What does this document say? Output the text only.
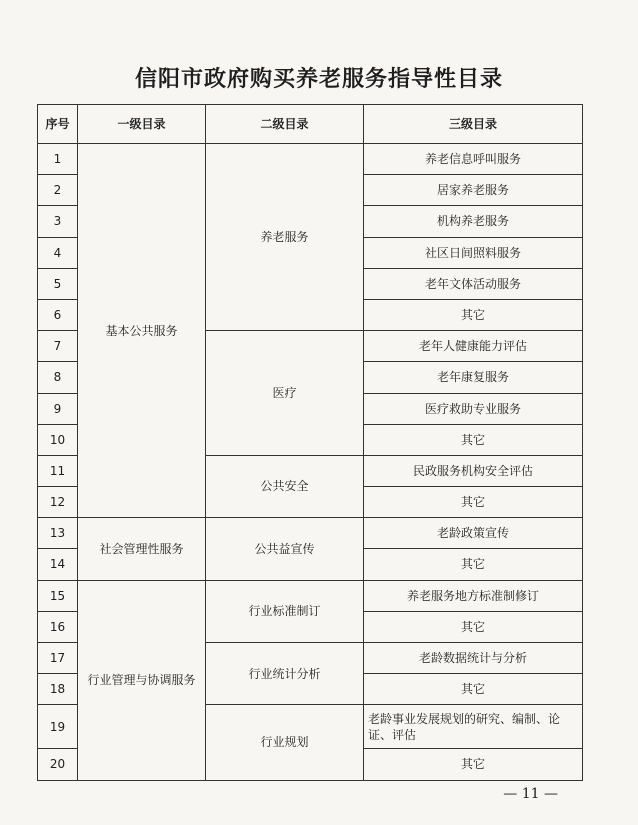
信阳市政府购买养老服务指导性目录
序号	一级目录	二级目录	三级目录
1	基本公共服务	养老服务	养老信息呼叫服务
2			居家养老服务
3			机构养老服务
4			社区日间照料服务
5			老年文体活动服务
6			其它
7		医疗	老年人健康能力评估
8			老年康复服务
9			医疗救助专业服务
10			其它
11		公共安全	民政服务机构安全评估
12			其它
13	社会管理性服务	公共益宣传	老龄政策宣传
14			其它
15	行业管理与协调服务	行业标准制订	养老服务地方标准制修订
16			其它
17		行业统计分析	老龄数据统计与分析
18			其它
19		行业规划	老龄事业发展规划的研究、编制、论证、评估
20			其它
— 11 —
